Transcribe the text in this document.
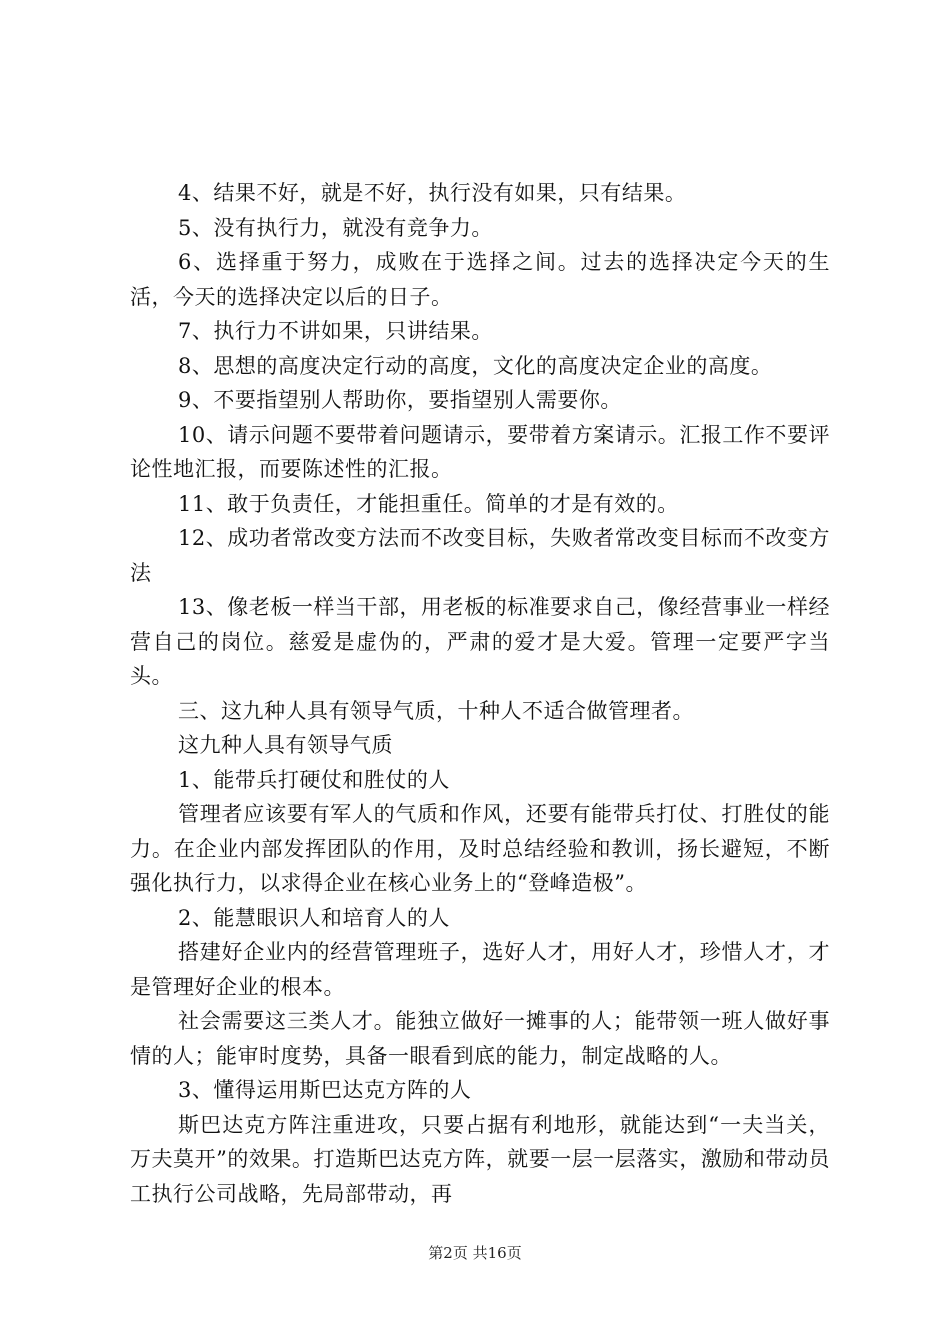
4、结果不好，就是不好，执行没有如果，只有结果。

5、没有执行力，就没有竞争力。

6、选择重于努力，成败在于选择之间。过去的选择决定今天的生活，今天的选择决定以后的日子。

7、执行力不讲如果，只讲结果。

8、思想的高度决定行动的高度，文化的高度决定企业的高度。

9、不要指望别人帮助你，要指望别人需要你。

10、请示问题不要带着问题请示，要带着方案请示。汇报工作不要评论性地汇报，而要陈述性的汇报。

11、敢于负责任，才能担重任。简单的才是有效的。

12、成功者常改变方法而不改变目标，失败者常改变目标而不改变方法

13、像老板一样当干部，用老板的标准要求自己，像经营事业一样经营自己的岗位。慈爱是虚伪的，严肃的爱才是大爱。管理一定要严字当头。

三、这九种人具有领导气质，十种人不适合做管理者。

这九种人具有领导气质

1、能带兵打硬仗和胜仗的人

管理者应该要有军人的气质和作风，还要有能带兵打仗、打胜仗的能力。在企业内部发挥团队的作用，及时总结经验和教训，扬长避短，不断强化执行力，以求得企业在核心业务上的“登峰造极”。

2、能慧眼识人和培育人的人

搭建好企业内的经营管理班子，选好人才，用好人才，珍惜人才，才是管理好企业的根本。

社会需要这三类人才。能独立做好一摊事的人；能带领一班人做好事情的人；能审时度势，具备一眼看到底的能力，制定战略的人。

3、懂得运用斯巴达克方阵的人

斯巴达克方阵注重进攻，只要占据有利地形，就能达到“一夫当关，万夫莫开”的效果。打造斯巴达克方阵，就要一层一层落实，激励和带动员工执行公司战略，先局部带动，再

第2页 共16页
